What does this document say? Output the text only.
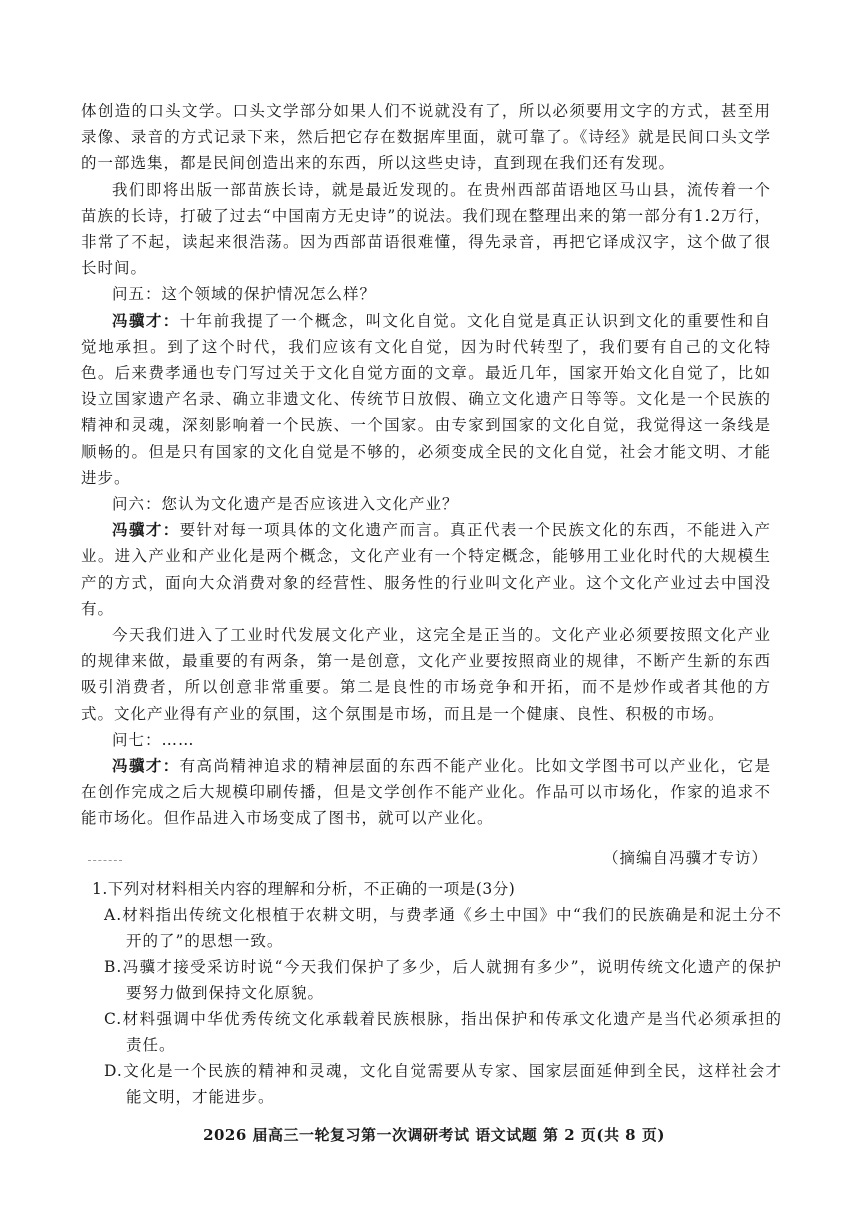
体创造的口头文学。口头文学部分如果人们不说就没有了，所以必须要用文字的方式，甚至用录像、录音的方式记录下来，然后把它存在数据库里面，就可靠了。《诗经》就是民间口头文学的一部选集，都是民间创造出来的东西，所以这些史诗，直到现在我们还有发现。

我们即将出版一部苗族长诗，就是最近发现的。在贵州西部苗语地区马山县，流传着一个苗族的长诗，打破了过去“中国南方无史诗”的说法。我们现在整理出来的第一部分有1.2万行，非常了不起，读起来很浩荡。因为西部苗语很难懂，得先录音，再把它译成汉字，这个做了很长时间。

问五：这个领域的保护情况怎么样？

冯骥才：十年前我提了一个概念，叫文化自觉。文化自觉是真正认识到文化的重要性和自觉地承担。到了这个时代，我们应该有文化自觉，因为时代转型了，我们要有自己的文化特色。后来费孝通也专门写过关于文化自觉方面的文章。最近几年，国家开始文化自觉了，比如设立国家遗产名录、确立非遗文化、传统节日放假、确立文化遗产日等等。文化是一个民族的精神和灵魂，深刻影响着一个民族、一个国家。由专家到国家的文化自觉，我觉得这一条线是顺畅的。但是只有国家的文化自觉是不够的，必须变成全民的文化自觉，社会才能文明、才能进步。

问六：您认为文化遗产是否应该进入文化产业？

冯骥才：要针对每一项具体的文化遗产而言。真正代表一个民族文化的东西，不能进入产业。进入产业和产业化是两个概念，文化产业有一个特定概念，能够用工业化时代的大规模生产的方式，面向大众消费对象的经营性、服务性的行业叫文化产业。这个文化产业过去中国没有。

今天我们进入了工业时代发展文化产业，这完全是正当的。文化产业必须要按照文化产业的规律来做，最重要的有两条，第一是创意，文化产业要按照商业的规律，不断产生新的东西吸引消费者，所以创意非常重要。第二是良性的市场竞争和开拓，而不是炒作或者其他的方式。文化产业得有产业的氛围，这个氛围是市场，而且是一个健康、良性、积极的市场。

问七：……

冯骥才：有高尚精神追求的精神层面的东西不能产业化。比如文学图书可以产业化，它是在创作完成之后大规模印刷传播，但是文学创作不能产业化。作品可以市场化，作家的追求不能市场化。但作品进入市场变成了图书，就可以产业化。

（摘编自冯骥才专访）

1.下列对材料相关内容的理解和分析，不正确的一项是(3分)

A.材料指出传统文化根植于农耕文明，与费孝通《乡土中国》中“我们的民族确是和泥土分不开的了”的思想一致。

B.冯骥才接受采访时说“今天我们保护了多少，后人就拥有多少”，说明传统文化遗产的保护要努力做到保持文化原貌。

C.材料强调中华优秀传统文化承载着民族根脉，指出保护和传承文化遗产是当代必须承担的责任。

D.文化是一个民族的精神和灵魂，文化自觉需要从专家、国家层面延伸到全民，这样社会才能文明，才能进步。

2026 届高三一轮复习第一次调研考试 语文试题 第 2 页(共 8 页)
